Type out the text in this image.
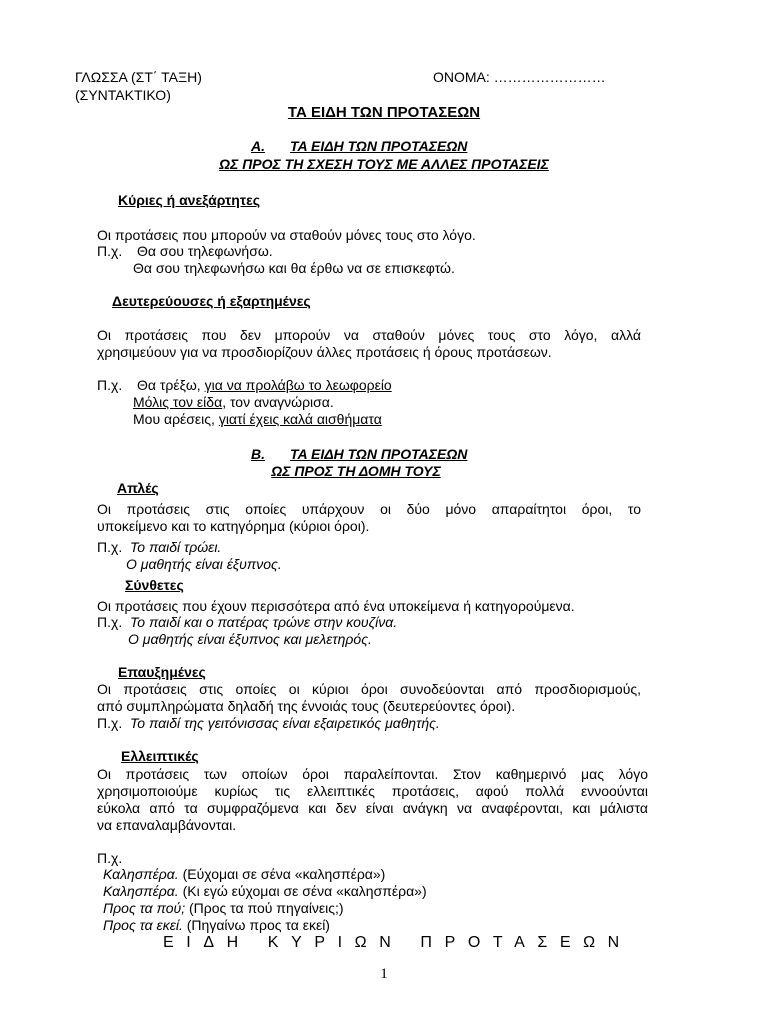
ΓΛΩΣΣΑ (ΣΤ΄ ΤΑΞΗ)
(ΣΥΝΤΑΚΤΙΚΟ)
ΟΝΟΜΑ: ……………………
ΤΑ ΕΙΔΗ ΤΩΝ ΠΡΟΤΑΣΕΩΝ
Α. ΤΑ ΕΙΔΗ ΤΩΝ ΠΡΟΤΑΣΕΩΝ
ΩΣ ΠΡΟΣ ΤΗ ΣΧΕΣΗ ΤΟΥΣ ΜΕ ΑΛΛΕΣ ΠΡΟΤΑΣΕΙΣ
Κύριες ή ανεξάρτητες
Οι προτάσεις που μπορούν να σταθούν μόνες τους στο λόγο.
Π.χ. Θα σου τηλεφωνήσω.
Θα σου τηλεφωνήσω και θα έρθω να σε επισκεφτώ.
Δευτερεύουσες ή εξαρτημένες
Οι προτάσεις που δεν μπορούν να σταθούν μόνες τους στο λόγο, αλλά
χρησιμεύουν για να προσδιορίζουν άλλες προτάσεις ή όρους προτάσεων.
Π.χ. Θα τρέξω, για να προλάβω το λεωφορείο
Μόλις τον είδα, τον αναγνώρισα.
Μου αρέσεις, γιατί έχεις καλά αισθήματα
Β. ΤΑ ΕΙΔΗ ΤΩΝ ΠΡΟΤΑΣΕΩΝ
ΩΣ ΠΡΟΣ ΤΗ ΔΟΜΗ ΤΟΥΣ
Απλές
Οι προτάσεις στις οποίες υπάρχουν οι δύο μόνο απαραίτητοι όροι, το
υποκείμενο και το κατηγόρημα (κύριοι όροι).
Π.χ. Το παιδί τρώει.
Ο μαθητής είναι έξυπνος.
Σύνθετες
Οι προτάσεις που έχουν περισσότερα από ένα υποκείμενα ή κατηγορούμενα.
Π.χ. Το παιδί και ο πατέρας τρώνε στην κουζίνα.
Ο μαθητής είναι έξυπνος και μελετηρός.
Επαυξημένες
Οι προτάσεις στις οποίες οι κύριοι όροι συνοδεύονται από προσδιορισμούς,
από συμπληρώματα δηλαδή της έννοιάς τους (δευτερεύοντες όροι).
Π.χ. Το παιδί της γειτόνισσας είναι εξαιρετικός μαθητής.
Ελλειπτικές
Οι προτάσεις των οποίων όροι παραλείπονται. Στον καθημερινό μας λόγο
χρησιμοποιούμε κυρίως τις ελλειπτικές προτάσεις, αφού πολλά εννοούνται
εύκολα από τα συμφραζόμενα και δεν είναι ανάγκη να αναφέρονται, και μάλιστα
να επαναλαμβάνονται.
Π.χ.
Καλησπέρα. (Εύχομαι σε σένα «καλησπέρα»)
Καλησπέρα. (Κι εγώ εύχομαι σε σένα «καλησπέρα»)
Προς τα πού; (Προς τα πού πηγαίνεις;)
Προς τα εκεί. (Πηγαίνω προς τα εκεί)
ΕΙΔΗ ΚΥΡΙΩΝ ΠΡΟΤΑΣΕΩΝ
1
